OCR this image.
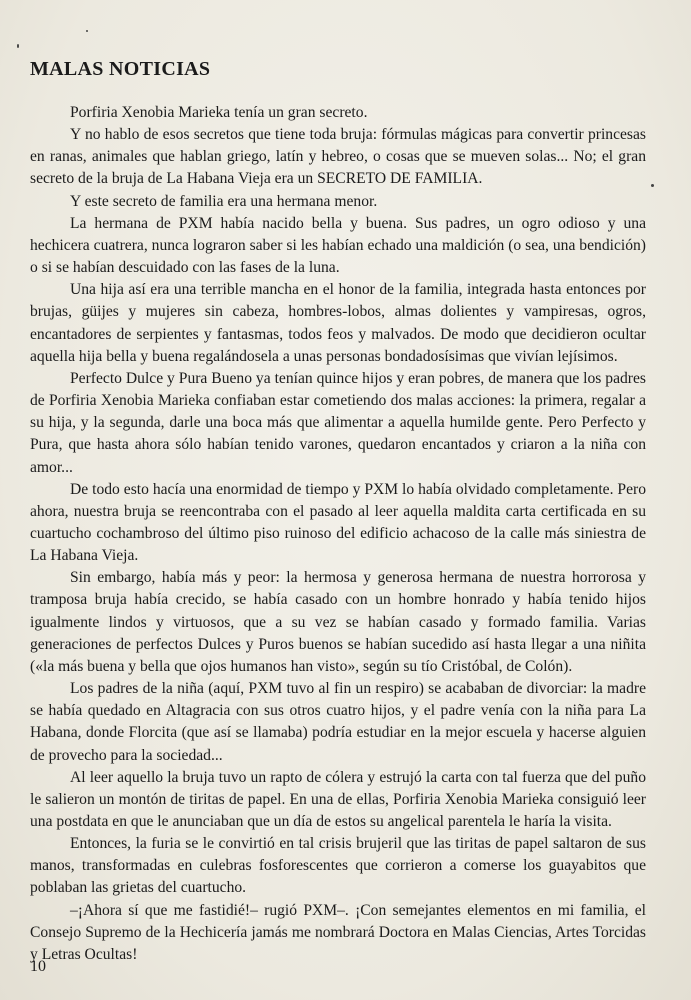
MALAS NOTICIAS

Porfiria Xenobia Marieka tenía un gran secreto.

Y no hablo de esos secretos que tiene toda bruja: fórmulas mágicas para convertir princesas en ranas, animales que hablan griego, latín y hebreo, o cosas que se mueven solas... No; el gran secreto de la bruja de La Habana Vieja era un SECRETO DE FAMILIA.

Y este secreto de familia era una hermana menor.

La hermana de PXM había nacido bella y buena. Sus padres, un ogro odioso y una hechicera cuatrera, nunca lograron saber si les habían echado una maldición (o sea, una bendición) o si se habían descuidado con las fases de la luna.

Una hija así era una terrible mancha en el honor de la familia, integrada hasta entonces por brujas, güijes y mujeres sin cabeza, hombres-lobos, almas dolientes y vampiresas, ogros, encantadores de serpientes y fantasmas, todos feos y malvados. De modo que decidieron ocultar aquella hija bella y buena regalándosela a unas personas bondadosísimas que vivían lejísimos.

Perfecto Dulce y Pura Bueno ya tenían quince hijos y eran pobres, de manera que los padres de Porfiria Xenobia Marieka confiaban estar cometiendo dos malas acciones: la primera, regalar a su hija, y la segunda, darle una boca más que alimentar a aquella humilde gente. Pero Perfecto y Pura, que hasta ahora sólo habían tenido varones, quedaron encantados y criaron a la niña con amor...

De todo esto hacía una enormidad de tiempo y PXM lo había olvidado completamente. Pero ahora, nuestra bruja se reencontraba con el pasado al leer aquella maldita carta certificada en su cuartucho cochambroso del último piso ruinoso del edificio achacoso de la calle más siniestra de La Habana Vieja.

Sin embargo, había más y peor: la hermosa y generosa hermana de nuestra horrorosa y tramposa bruja había crecido, se había casado con un hombre honrado y había tenido hijos igualmente lindos y virtuosos, que a su vez se habían casado y formado familia. Varias generaciones de perfectos Dulces y Puros buenos se habían sucedido así hasta llegar a una niñita («la más buena y bella que ojos humanos han visto», según su tío Cristóbal, de Colón).

Los padres de la niña (aquí, PXM tuvo al fin un respiro) se acababan de divorciar: la madre se había quedado en Altagracia con sus otros cuatro hijos, y el padre venía con la niña para La Habana, donde Florcita (que así se llamaba) podría estudiar en la mejor escuela y hacerse alguien de provecho para la sociedad...

Al leer aquello la bruja tuvo un rapto de cólera y estrujó la carta con tal fuerza que del puño le salieron un montón de tiritas de papel. En una de ellas, Porfiria Xenobia Marieka consiguió leer una postdata en que le anunciaban que un día de estos su angelical parentela le haría la visita.

Entonces, la furia se le convirtió en tal crisis brujeril que las tiritas de papel saltaron de sus manos, transformadas en culebras fosforescentes que corrieron a comerse los guayabitos que poblaban las grietas del cuartucho.

–¡Ahora sí que me fastidié!– rugió PXM–. ¡Con semejantes elementos en mi familia, el Consejo Supremo de la Hechicería jamás me nombrará Doctora en Malas Ciencias, Artes Torcidas y Letras Ocultas!

10
